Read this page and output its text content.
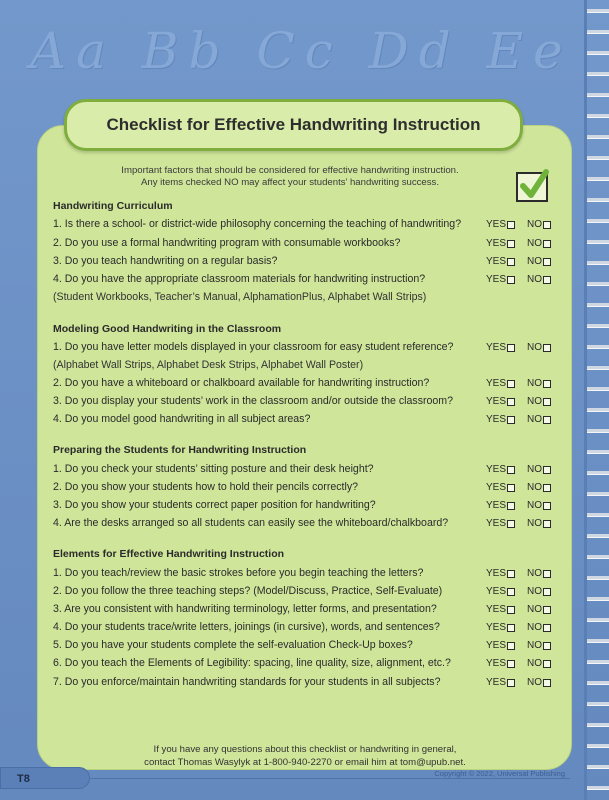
Aa Bb Cc Dd Ee
Checklist for Effective Handwriting Instruction
Important factors that should be considered for effective handwriting instruction.
Any items checked NO may affect your students’ handwriting success.
Handwriting Curriculum
1. Is there a school- or district-wide philosophy concerning the teaching of handwriting?	YES NO
2. Do you use a formal handwriting program with consumable workbooks?	YES NO
3. Do you teach handwriting on a regular basis?	YES NO
4. Do you have the appropriate classroom materials for handwriting instruction?
(Student Workbooks, Teacher’s Manual, AlphamationPlus, Alphabet Wall Strips)
YES NO
Modeling Good Handwriting in the Classroom
1. Do you have letter models displayed in your classroom for easy student reference?
(Alphabet Wall Strips, Alphabet Desk Strips, Alphabet Wall Poster)
YES NO
2. Do you have a whiteboard or chalkboard available for handwriting instruction?	YES NO
3. Do you display your students’ work in the classroom and/or outside the classroom?	YES NO
4. Do you model good handwriting in all subject areas?	YES NO
Preparing the Students for Handwriting Instruction
1. Do you check your students’ sitting posture and their desk height?	YES NO
2. Do you show your students how to hold their pencils correctly?	YES NO
3. Do you show your students correct paper position for handwriting?	YES NO
4. Are the desks arranged so all students can easily see the whiteboard/chalkboard?	YES NO
Elements for Effective Handwriting Instruction
1. Do you teach/review the basic strokes before you begin teaching the letters?	YES NO
2. Do you follow the three teaching steps? (Model/Discuss, Practice, Self-Evaluate)	YES NO
3. Are you consistent with handwriting terminology, letter forms, and presentation?	YES NO
4. Do your students trace/write letters, joinings (in cursive), words, and sentences?	YES NO
5. Do you have your students complete the self-evaluation Check-Up boxes?	YES NO
6. Do you teach the Elements of Legibility: spacing, line quality, size, alignment, etc.?	YES NO
7. Do you enforce/maintain handwriting standards for your students in all subjects?	YES NO
If you have any questions about this checklist or handwriting in general,
contact Thomas Wasylyk at 1-800-940-2270 or email him at tom@upub.net.
T8	Copyright © 2022, Universal Publishing
